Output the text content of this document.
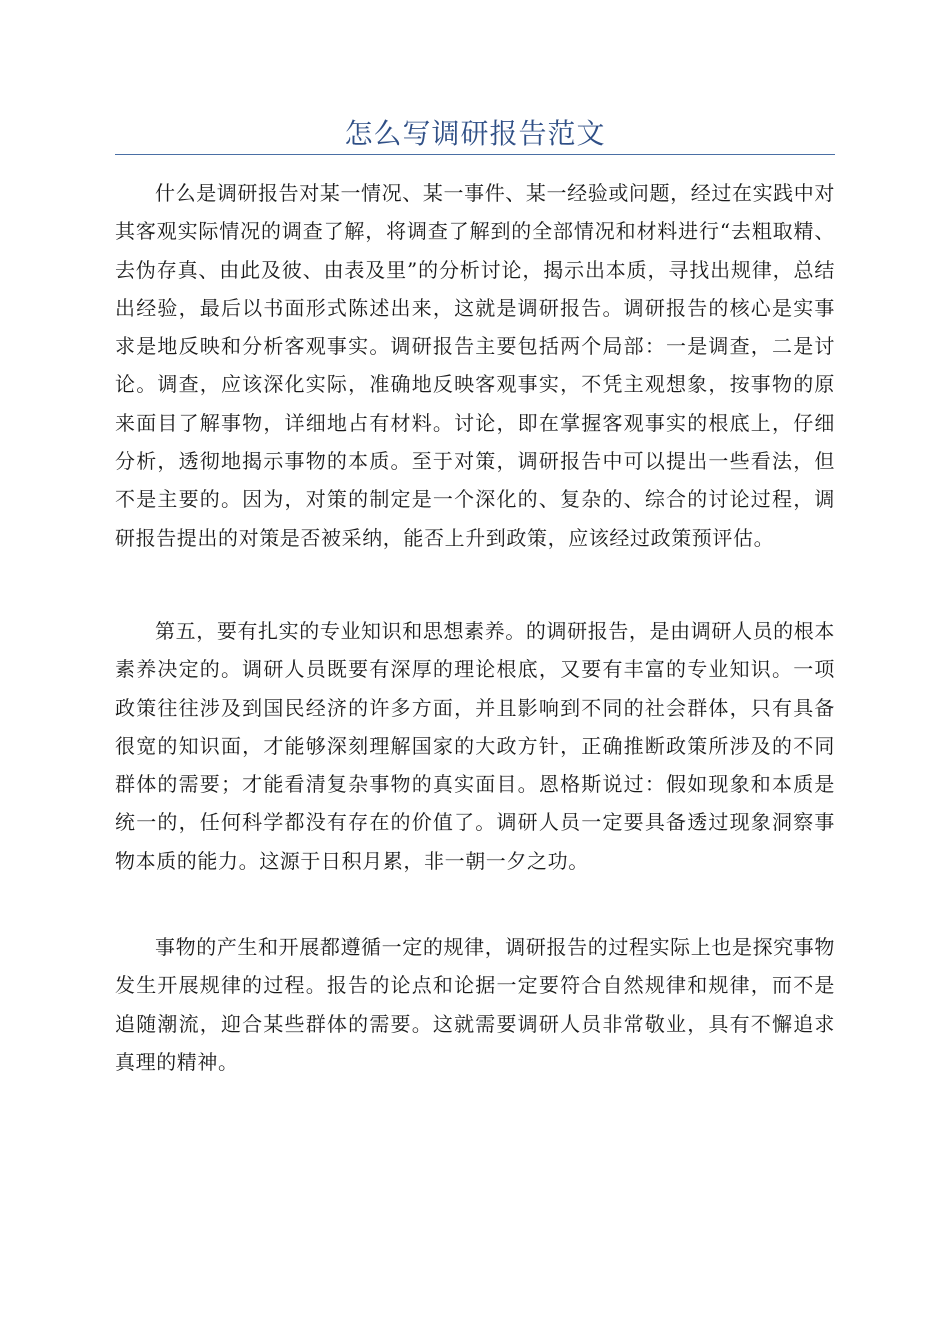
怎么写调研报告范文

什么是调研报告对某一情况、某一事件、某一经验或问题，经过在实践中对其客观实际情况的调查了解，将调查了解到的全部情况和材料进行“去粗取精、去伪存真、由此及彼、由表及里”的分析讨论，揭示出本质，寻找出规律，总结出经验，最后以书面形式陈述出来，这就是调研报告。调研报告的核心是实事求是地反映和分析客观事实。调研报告主要包括两个局部：一是调查，二是讨论。调查，应该深化实际，准确地反映客观事实，不凭主观想象，按事物的原来面目了解事物，详细地占有材料。讨论，即在掌握客观事实的根底上，仔细分析，透彻地揭示事物的本质。至于对策，调研报告中可以提出一些看法，但不是主要的。因为，对策的制定是一个深化的、复杂的、综合的讨论过程，调研报告提出的对策是否被采纳，能否上升到政策，应该经过政策预评估。

第五，要有扎实的专业知识和思想素养。的调研报告，是由调研人员的根本素养决定的。调研人员既要有深厚的理论根底，又要有丰富的专业知识。一项政策往往涉及到国民经济的许多方面，并且影响到不同的社会群体，只有具备很宽的知识面，才能够深刻理解国家的大政方针，正确推断政策所涉及的不同群体的需要；才能看清复杂事物的真实面目。恩格斯说过：假如现象和本质是统一的，任何科学都没有存在的价值了。调研人员一定要具备透过现象洞察事物本质的能力。这源于日积月累，非一朝一夕之功。

事物的产生和开展都遵循一定的规律，调研报告的过程实际上也是探究事物发生开展规律的过程。报告的论点和论据一定要符合自然规律和规律，而不是追随潮流，迎合某些群体的需要。这就需要调研人员非常敬业，具有不懈追求真理的精神。
